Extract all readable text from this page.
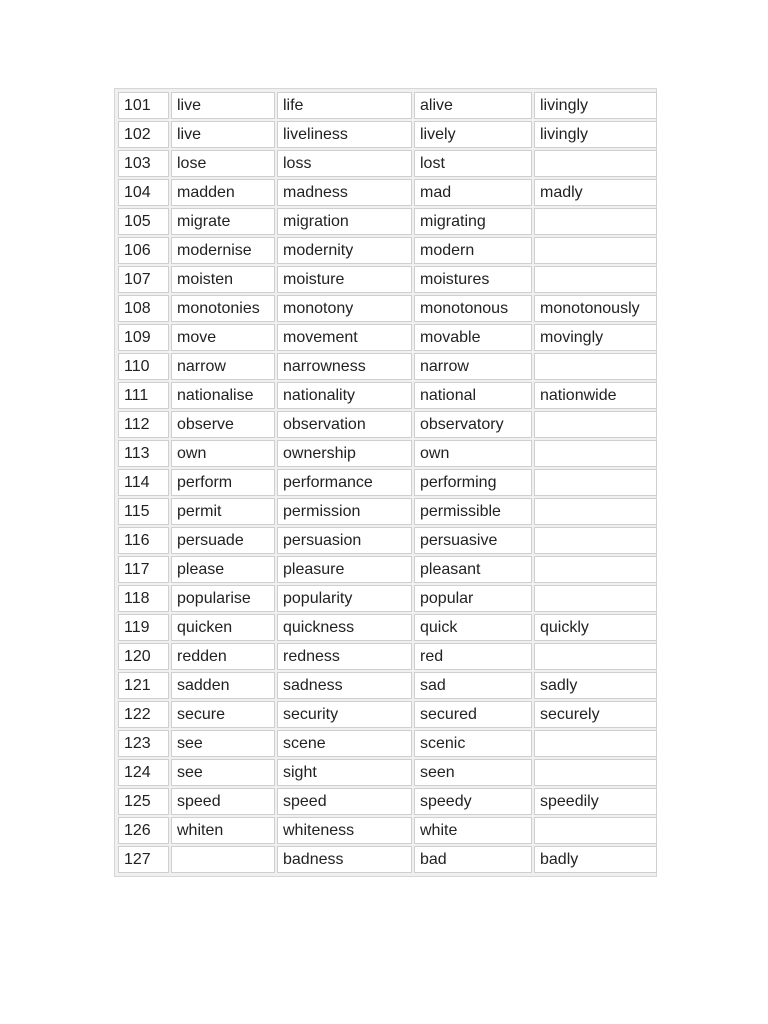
101	live	life	alive	livingly
102	live	liveliness	lively	livingly
103	lose	loss	lost	
104	madden	madness	mad	madly
105	migrate	migration	migrating	
106	modernise	modernity	modern	
107	moisten	moisture	moistures	
108	monotonies	monotony	monotonous	monotonously
109	move	movement	movable	movingly
110	narrow	narrowness	narrow	
111	nationalise	nationality	national	nationwide
112	observe	observation	observatory	
113	own	ownership	own	
114	perform	performance	performing	
115	permit	permission	permissible	
116	persuade	persuasion	persuasive	
117	please	pleasure	pleasant	
118	popularise	popularity	popular	
119	quicken	quickness	quick	quickly
120	redden	redness	red	
121	sadden	sadness	sad	sadly
122	secure	security	secured	securely
123	see	scene	scenic	
124	see	sight	seen	
125	speed	speed	speedy	speedily
126	whiten	whiteness	white	
127		badness	bad	badly
